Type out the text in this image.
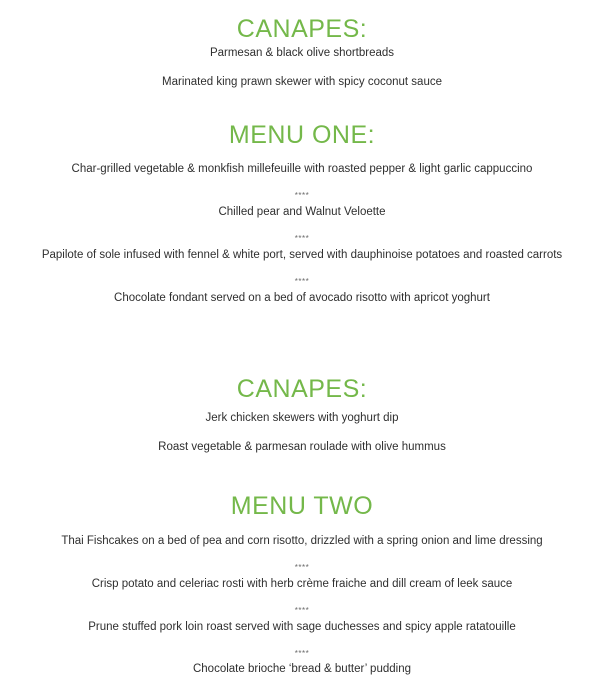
CANAPES:
Parmesan & black olive shortbreads
Marinated king prawn skewer with spicy coconut sauce
MENU ONE:
Char-grilled vegetable & monkfish millefeuille with roasted pepper & light garlic cappuccino
****
Chilled pear and Walnut Veloette
****
Papilote of sole infused with fennel & white port, served with dauphinoise potatoes and roasted carrots
****
Chocolate fondant served on a bed of avocado risotto with apricot yoghurt
CANAPES:
Jerk chicken skewers with yoghurt dip
Roast vegetable & parmesan roulade with olive hummus
MENU TWO
Thai Fishcakes on a bed of pea and corn risotto, drizzled with a spring onion and lime dressing
****
Crisp potato and celeriac rosti with herb crème fraiche and dill cream of leek sauce
****
Prune stuffed pork loin roast served with sage duchesses and spicy apple ratatouille
****
Chocolate brioche ‘bread & butter’ pudding
